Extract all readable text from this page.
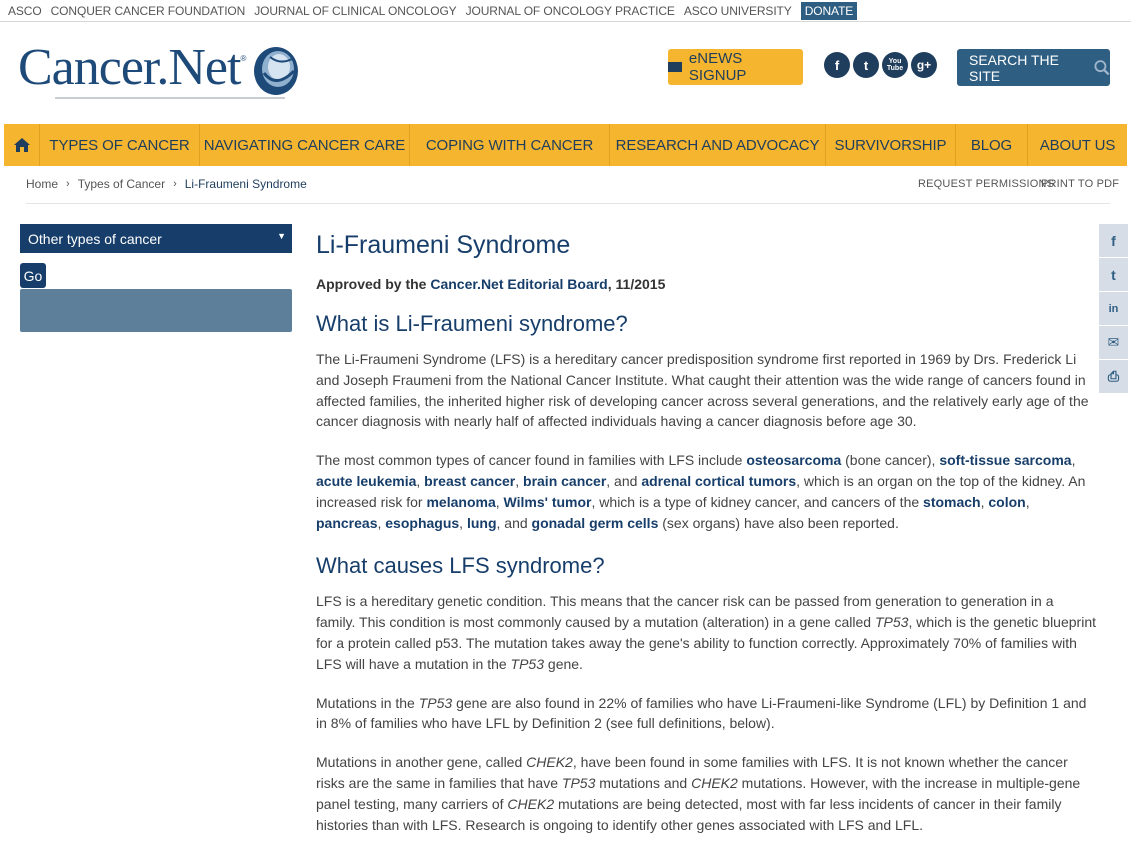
ASCO CONQUER CANCER FOUNDATION JOURNAL OF CLINICAL ONCOLOGY JOURNAL OF ONCOLOGY PRACTICE ASCO UNIVERSITY	DONATE
Cancer.Net ®	eNEWS SIGNUP
f t	You Tube g+	SEARCH THE SITE
TYPES OF CANCER NAVIGATING CANCER CARE	COPING WITH CANCER	RESEARCH AND ADVOCACY	SURVIVORSHIP	BLOG	ABOUT US
Home › Types of Cancer › Li-Fraumeni Syndrome	REQUEST PERMISSIONS
PRINT TO PDF
Other types of cancer	▼
Go
f
t
in
✉
⎙
Li-Fraumeni Syndrome
Approved by the Cancer.Net Editorial Board, 11/2015
What is Li-Fraumeni syndrome?

The Li-Fraumeni Syndrome (LFS) is a hereditary cancer predisposition syndrome first reported in 1969 by Drs. Frederick Li and Joseph Fraumeni from the National Cancer Institute. What caught their attention was the wide range of cancers found in affected families, the inherited higher risk of developing cancer across several generations, and the relatively early age of the cancer diagnosis with nearly half of affected individuals having a cancer diagnosis before age 30.

The most common types of cancer found in families with LFS include osteosarcoma (bone cancer), soft-tissue sarcoma, acute leukemia, breast cancer, brain cancer, and adrenal cortical tumors, which is an organ on the top of the kidney. An increased risk for melanoma, Wilms' tumor, which is a type of kidney cancer, and cancers of the stomach, colon, pancreas, esophagus, lung, and gonadal germ cells (sex organs) have also been reported.

What causes LFS syndrome?

LFS is a hereditary genetic condition. This means that the cancer risk can be passed from generation to generation in a family. This condition is most commonly caused by a mutation (alteration) in a gene called TP53, which is the genetic blueprint for a protein called p53. The mutation takes away the gene's ability to function correctly. Approximately 70% of families with LFS will have a mutation in the TP53 gene.

Mutations in the TP53 gene are also found in 22% of families who have Li-Fraumeni-like Syndrome (LFL) by Definition 1 and in 8% of families who have LFL by Definition 2 (see full definitions, below).

Mutations in another gene, called CHEK2, have been found in some families with LFS. It is not known whether the cancer risks are the same in families that have TP53 mutations and CHEK2 mutations. However, with the increase in multiple-gene panel testing, many carriers of CHEK2 mutations are being detected, most with far less incidents of cancer in their family histories than with LFS. Research is ongoing to identify other genes associated with LFS and LFL.
